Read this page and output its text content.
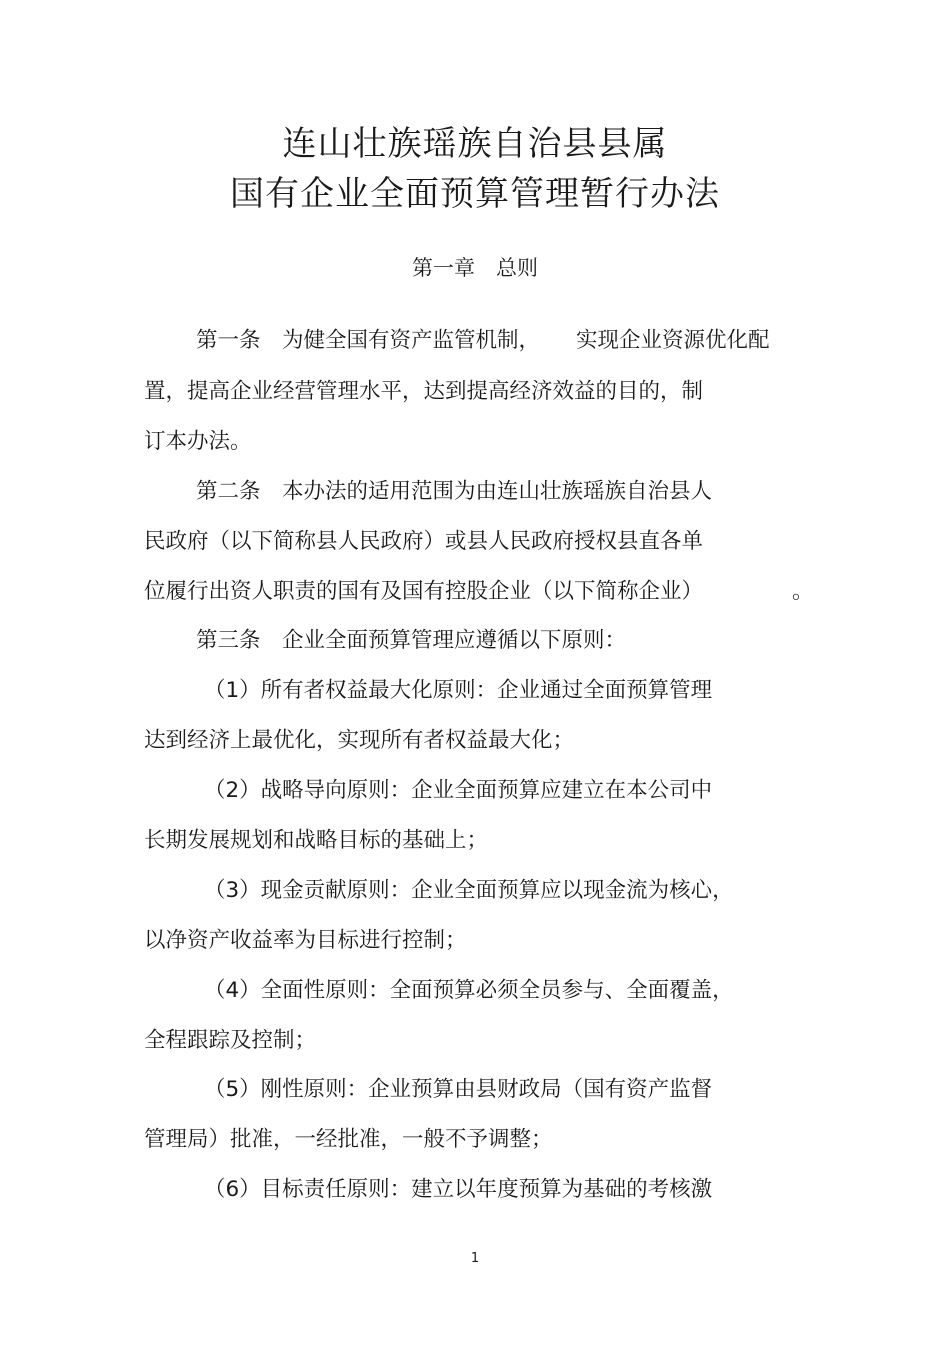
连山壮族瑶族自治县县属
国有企业全面预算管理暂行办法
第一章　总则
第一条　为健全国有资产监管机制， 实现企业资源优化配
置，提高企业经营管理水平，达到提高经济效益的目的，制
订本办法。
第二条　本办法的适用范围为由连山壮族瑶族自治县人
民政府（以下简称县人民政府）或县人民政府授权县直各单
位履行出资人职责的国有及国有控股企业（以下简称企业）	。
第三条　企业全面预算管理应遵循以下原则：
（1）所有者权益最大化原则：企业通过全面预算管理
达到经济上最优化，实现所有者权益最大化；
（2）战略导向原则：企业全面预算应建立在本公司中
长期发展规划和战略目标的基础上；
（3）现金贡献原则：企业全面预算应以现金流为核心，
以净资产收益率为目标进行控制；
（4）全面性原则：全面预算必须全员参与、全面覆盖，
全程跟踪及控制；
（5）刚性原则：企业预算由县财政局（国有资产监督
管理局）批准，一经批准，一般不予调整；
（6）目标责任原则：建立以年度预算为基础的考核激
1
